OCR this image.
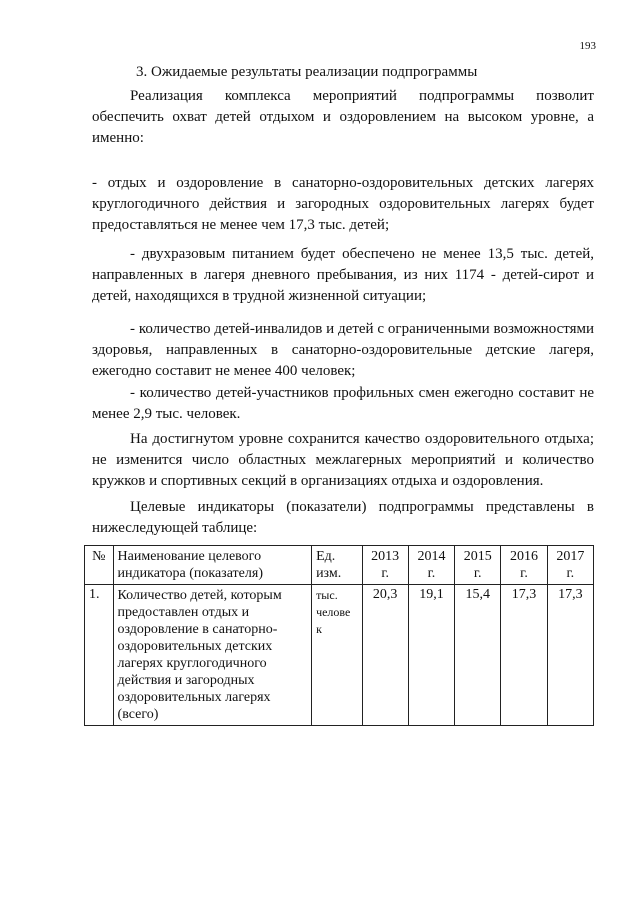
193
3. Ожидаемые результаты реализации подпрограммы

Реализация комплекса мероприятий подпрограммы позволит обеспечить охват детей отдыхом и оздоровлением на высоком уровне, а именно:

- отдых и оздоровление в санаторно-оздоровительных детских лагерях круглогодичного действия и загородных оздоровительных лагерях будет предоставляться не менее чем 17,3 тыс. детей;

- двухразовым питанием будет обеспечено не менее 13,5 тыс. детей, направленных в лагеря дневного пребывания, из них 1174 - детей-сирот и детей, находящихся в трудной жизненной ситуации;

- количество детей-инвалидов и детей с ограниченными возможностями здоровья, направленных в санаторно-оздоровительные детские лагеря, ежегодно составит не менее 400 человек;

- количество детей-участников профильных смен ежегодно составит не менее 2,9 тыс. человек.

На достигнутом уровне сохранится качество оздоровительного отдыха; не изменится число областных межлагерных мероприятий и количество кружков и спортивных секций в организациях отдыха и оздоровления.

Целевые индикаторы (показатели) подпрограммы представлены в нижеследующей таблице:

№	Наименование целевого индикатора (показателя)	Ед. изм.	2013 г.	2014 г.	2015 г.	2016 г.	2017 г.
1.	Количество детей, которым предоставлен отдых и оздоровление в санаторно-оздоровительных детских лагерях круглогодичного действия и загородных оздоровительных лагерях (всего)	тыс. челове к	20,3	19,1	15,4	17,3	17,3
